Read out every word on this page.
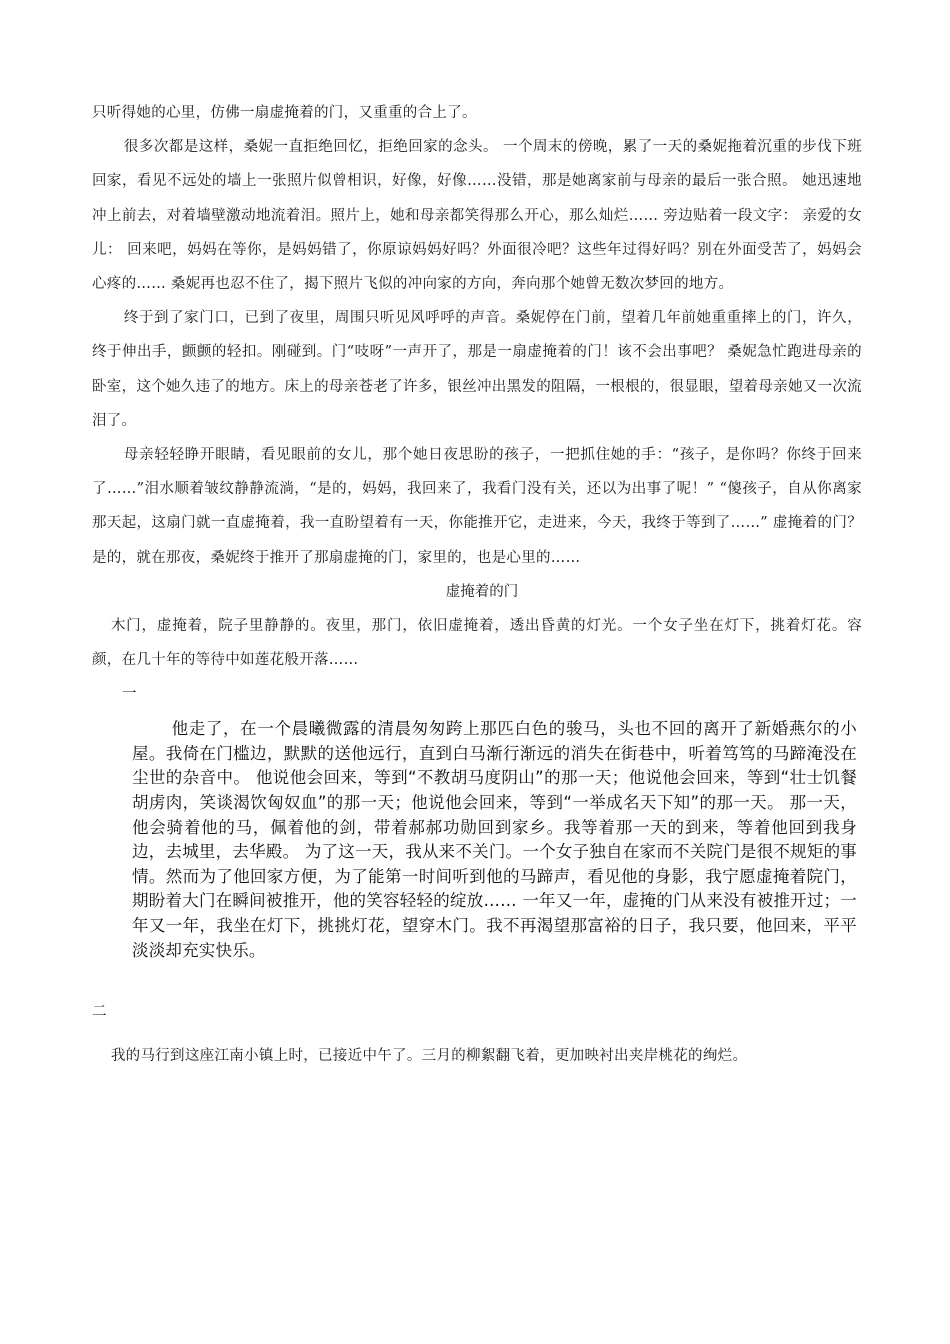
只听得她的心里，仿佛一扇虚掩着的门，又重重的合上了。

很多次都是这样，桑妮一直拒绝回忆，拒绝回家的念头。 一个周末的傍晚，累了一天的桑妮拖着沉重的步伐下班回家，看见不远处的墙上一张照片似曾相识，好像，好像……没错，那是她离家前与母亲的最后一张合照。 她迅速地冲上前去，对着墙壁激动地流着泪。照片上，她和母亲都笑得那么开心，那么灿烂…… 旁边贴着一段文字： 亲爱的女儿： 回来吧，妈妈在等你，是妈妈错了，你原谅妈妈好吗？外面很冷吧？这些年过得好吗？别在外面受苦了，妈妈会心疼的…… 桑妮再也忍不住了，揭下照片飞似的冲向家的方向，奔向那个她曾无数次梦回的地方。

终于到了家门口，已到了夜里，周围只听见风呼呼的声音。桑妮停在门前，望着几年前她重重摔上的门，许久，终于伸出手，颤颤的轻扣。刚碰到。门“吱呀”一声开了，那是一扇虚掩着的门！该不会出事吧？ 桑妮急忙跑进母亲的卧室，这个她久违了的地方。床上的母亲苍老了许多，银丝冲出黑发的阻隔，一根根的，很显眼，望着母亲她又一次流泪了。

母亲轻轻睁开眼睛，看见眼前的女儿，那个她日夜思盼的孩子，一把抓住她的手：“孩子，是你吗？你终于回来了……”泪水顺着皱纹静静流淌，“是的，妈妈，我回来了，我看门没有关，还以为出事了呢！” “傻孩子，自从你离家那天起，这扇门就一直虚掩着，我一直盼望着有一天，你能推开它，走进来，今天，我终于等到了……” 虚掩着的门？是的，就在那夜，桑妮终于推开了那扇虚掩的门，家里的，也是心里的……

虚掩着的门

木门，虚掩着，院子里静静的。夜里，那门，依旧虚掩着，透出昏黄的灯光。一个女子坐在灯下，挑着灯花。容颜，在几十年的等待中如莲花般开落……

一

他走了，在一个晨曦微露的清晨匆匆跨上那匹白色的骏马，头也不回的离开了新婚燕尔的小屋。我倚在门槛边，默默的送他远行，直到白马渐行渐远的消失在街巷中，听着笃笃的马蹄淹没在尘世的杂音中。 他说他会回来，等到“不教胡马度阴山”的那一天；他说他会回来，等到“壮士饥餐胡虏肉，笑谈渴饮匈奴血”的那一天；他说他会回来，等到“一举成名天下知”的那一天。 那一天，他会骑着他的马，佩着他的剑，带着郝郝功勋回到家乡。我等着那一天的到来，等着他回到我身边，去城里，去华殿。 为了这一天，我从来不关门。一个女子独自在家而不关院门是很不规矩的事情。然而为了他回家方便，为了能第一时间听到他的马蹄声，看见他的身影，我宁愿虚掩着院门，期盼着大门在瞬间被推开，他的笑容轻轻的绽放…… 一年又一年，虚掩的门从来没有被推开过；一年又一年，我坐在灯下，挑挑灯花，望穿木门。我不再渴望那富裕的日子，我只要，他回来，平平淡淡却充实快乐。

二

我的马行到这座江南小镇上时，已接近中午了。三月的柳絮翻飞着，更加映衬出夹岸桃花的绚烂。
